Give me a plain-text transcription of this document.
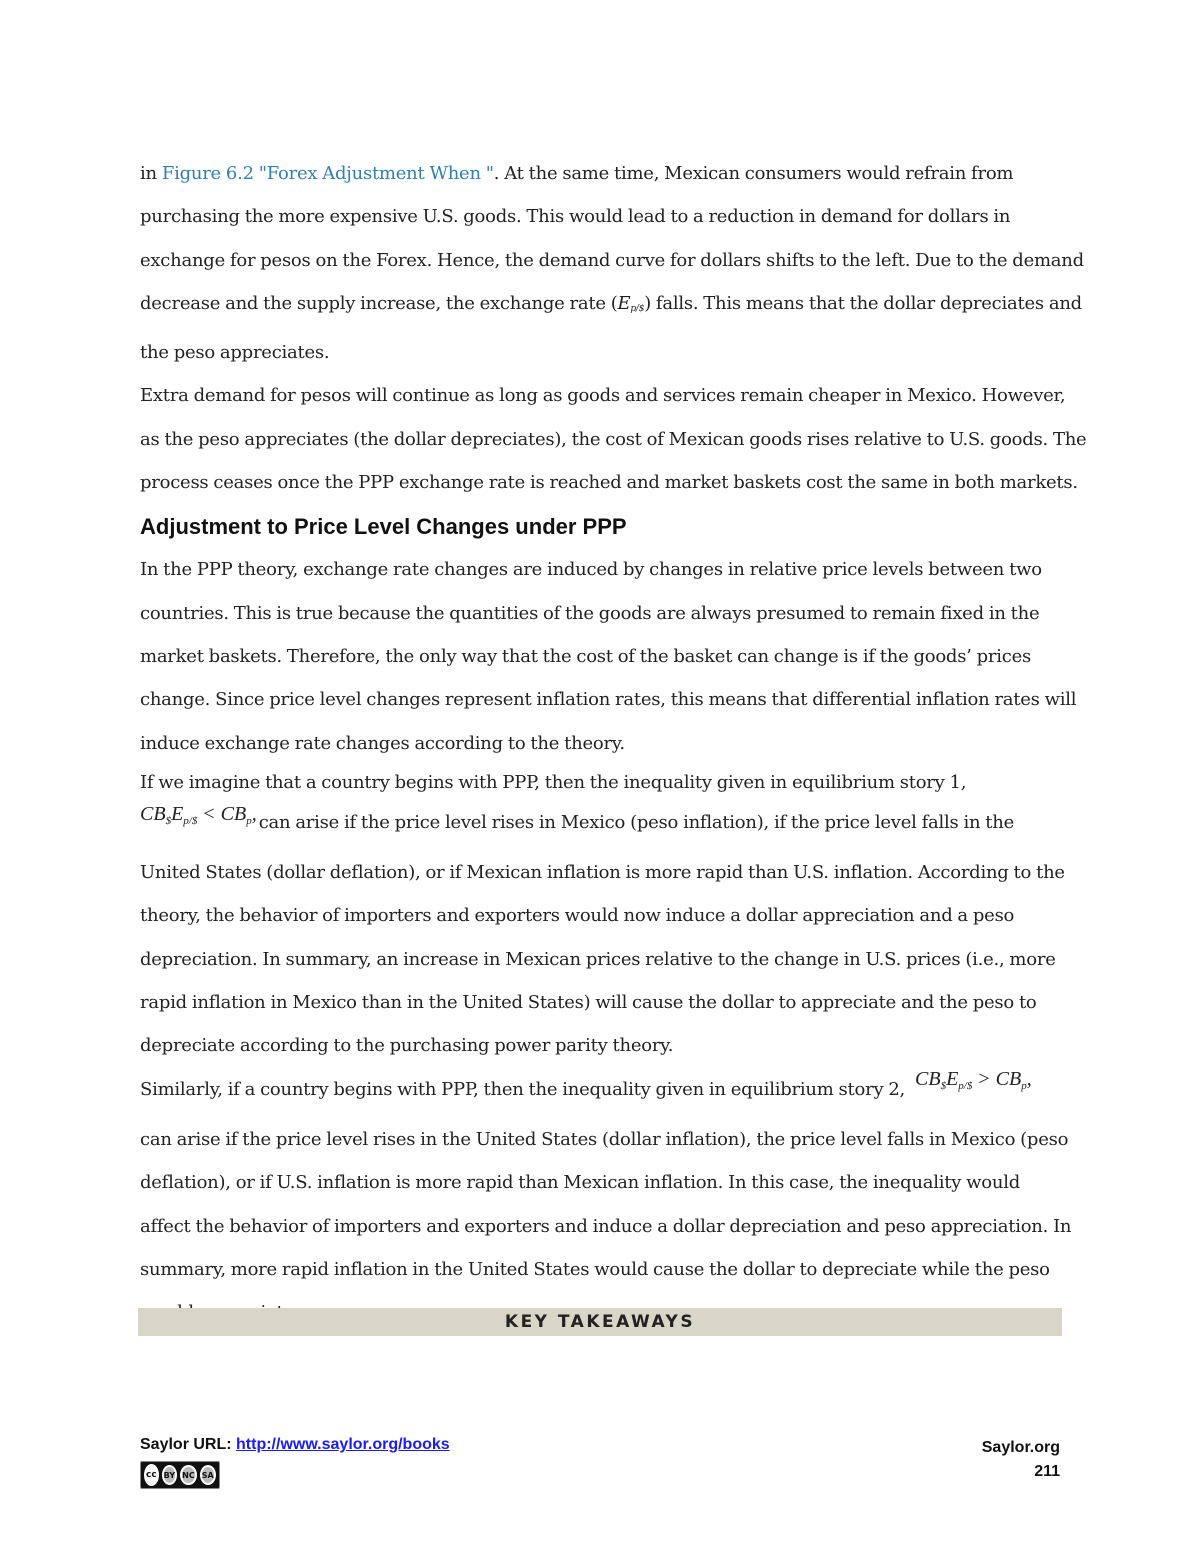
in Figure 6.2 "Forex Adjustment When ". At the same time, Mexican consumers would refrain from

purchasing the more expensive U.S. goods. This would lead to a reduction in demand for dollars in

exchange for pesos on the Forex. Hence, the demand curve for dollars shifts to the left. Due to the demand

decrease and the supply increase, the exchange rate $(E_{p/\$})$ falls. This means that the dollar depreciates and

the peso appreciates.

Extra demand for pesos will continue as long as goods and services remain cheaper in Mexico. However,

as the peso appreciates (the dollar depreciates), the cost of Mexican goods rises relative to U.S. goods. The

process ceases once the PPP exchange rate is reached and market baskets cost the same in both markets.

Adjustment to Price Level Changes under PPP

In the PPP theory, exchange rate changes are induced by changes in relative price levels between two

countries. This is true because the quantities of the goods are always presumed to remain fixed in the

market baskets. Therefore, the only way that the cost of the basket can change is if the goods’ prices

change. Since price level changes represent inflation rates, this means that differential inflation rates will

induce exchange rate changes according to the theory.

If we imagine that a country begins with PPP, then the inequality given in equilibrium story 1,

$CB_{\$}E_{p/\$} < CB_p$, can arise if the price level rises in Mexico (peso inflation), if the price level falls in the

United States (dollar deflation), or if Mexican inflation is more rapid than U.S. inflation. According to the

theory, the behavior of importers and exporters would now induce a dollar appreciation and a peso

depreciation. In summary, an increase in Mexican prices relative to the change in U.S. prices (i.e., more

rapid inflation in Mexico than in the United States) will cause the dollar to appreciate and the peso to

depreciate according to the purchasing power parity theory.

Similarly, if a country begins with PPP, then the inequality given in equilibrium story 2, $CB_{\$}E_{p/\$} > CB_p$,

can arise if the price level rises in the United States (dollar inflation), the price level falls in Mexico (peso

deflation), or if U.S. inflation is more rapid than Mexican inflation. In this case, the inequality would

affect the behavior of importers and exporters and induce a dollar depreciation and peso appreciation. In

summary, more rapid inflation in the United States would cause the dollar to depreciate while the peso

KEY TAKEAWAYS
Saylor URL: http://www.saylor.org/books
cc BY NC SA
Saylor.org
211
